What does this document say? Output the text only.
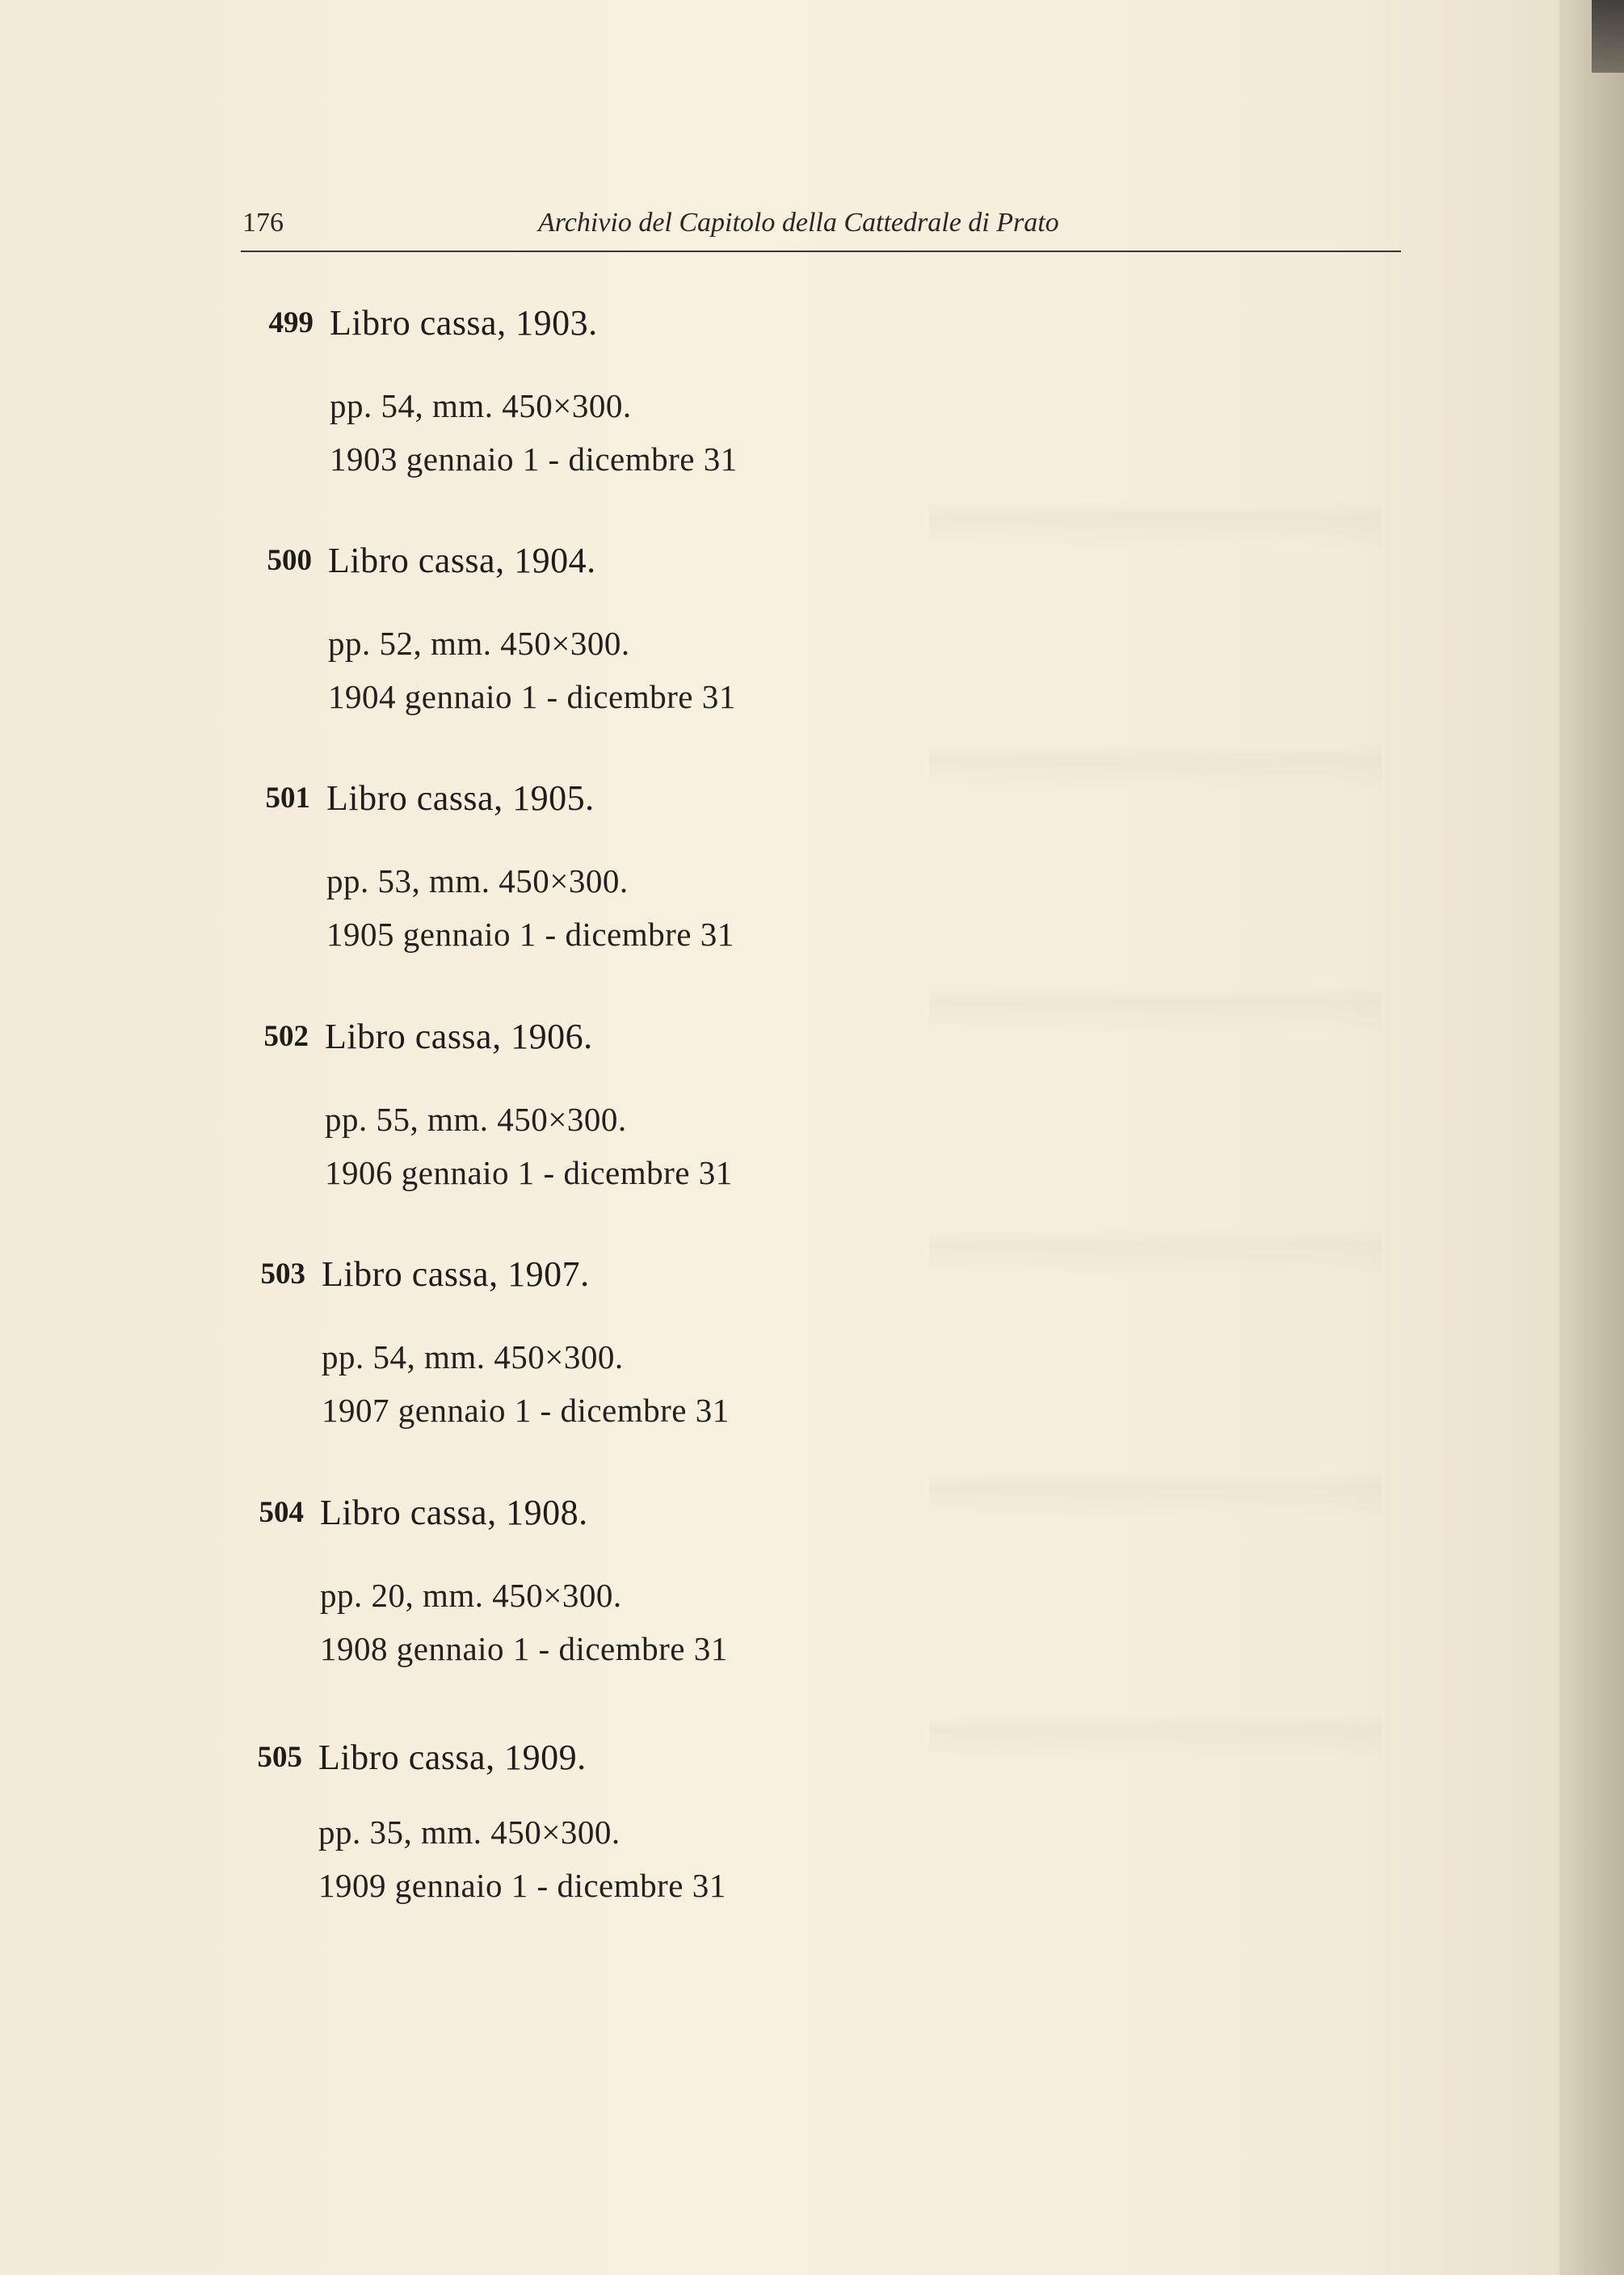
176	Archivio del Capitolo della Cattedrale di Prato
499 Libro cassa, 1903.
pp. 54, mm. 450×300.
1903 gennaio 1 - dicembre 31
500 Libro cassa, 1904.
pp. 52, mm. 450×300.
1904 gennaio 1 - dicembre 31
501 Libro cassa, 1905.
pp. 53, mm. 450×300.
1905 gennaio 1 - dicembre 31
502 Libro cassa, 1906.
pp. 55, mm. 450×300.
1906 gennaio 1 - dicembre 31
503 Libro cassa, 1907.
pp. 54, mm. 450×300.
1907 gennaio 1 - dicembre 31
504 Libro cassa, 1908.
pp. 20, mm. 450×300.
1908 gennaio 1 - dicembre 31
505 Libro cassa, 1909.
pp. 35, mm. 450×300.
1909 gennaio 1 - dicembre 31
